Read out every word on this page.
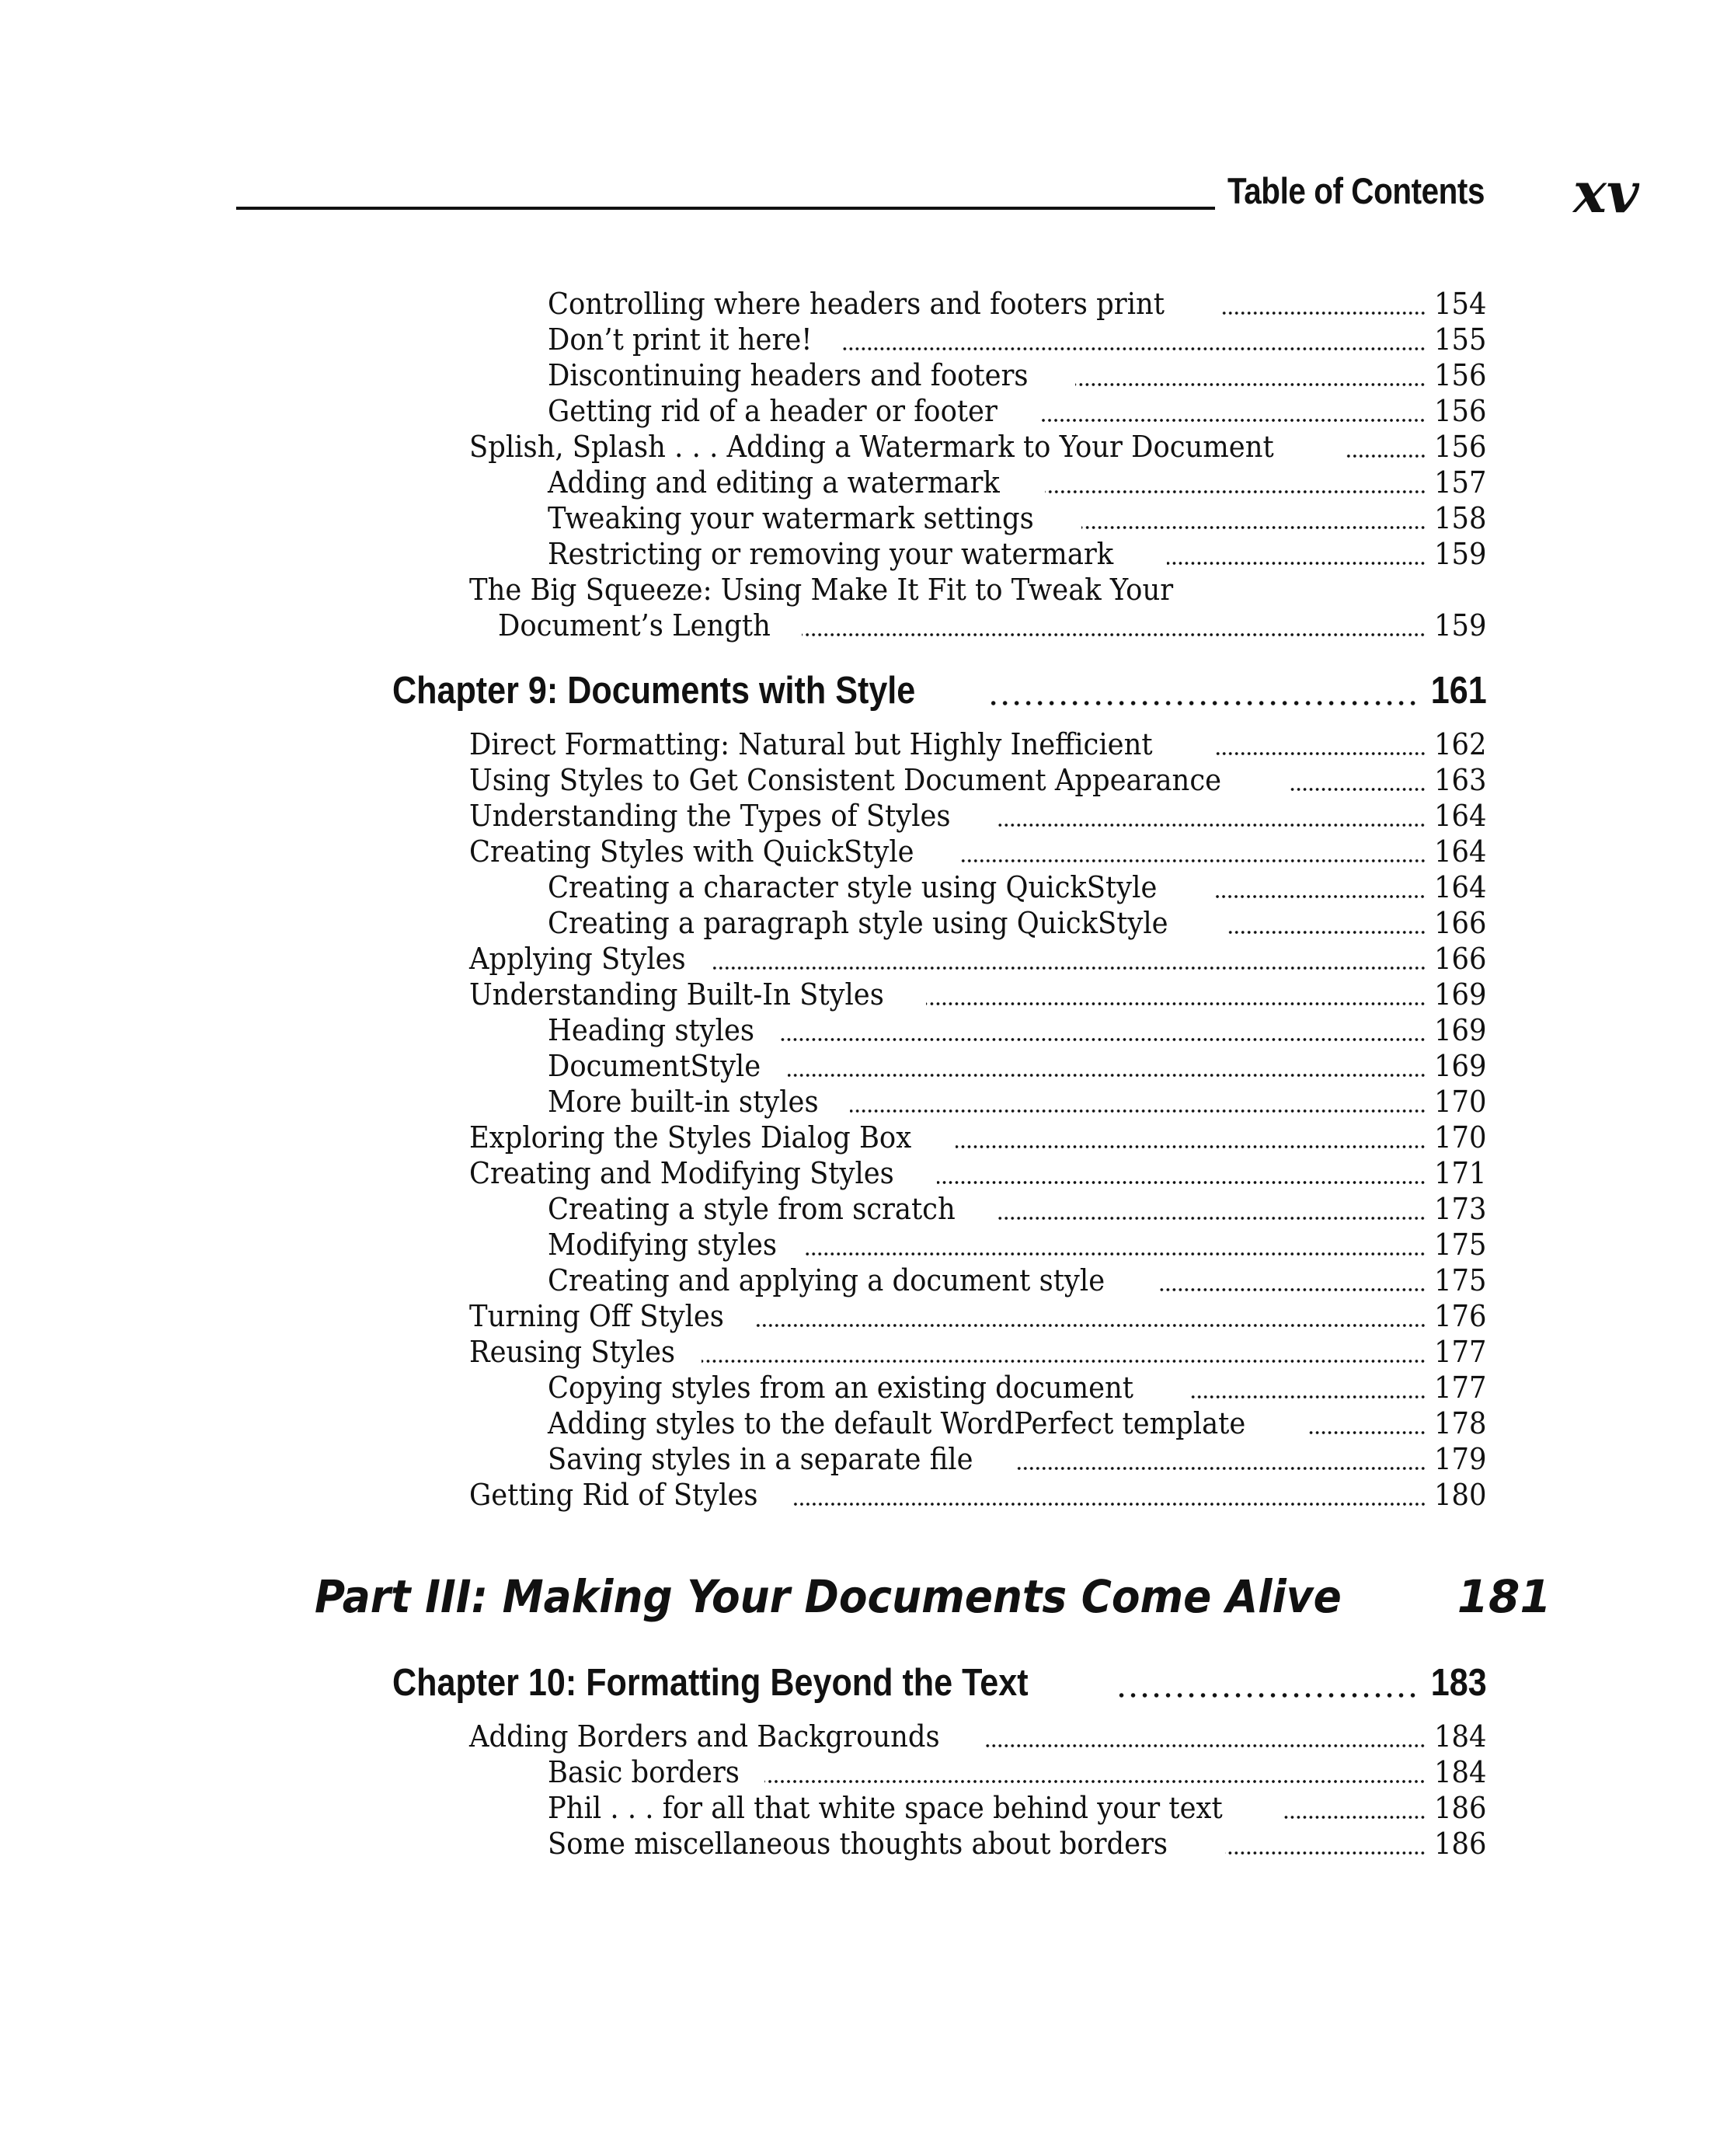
Table of Contents xv
Controlling where headers and footers print	154
Don’t print it here!	155
Discontinuing headers and footers	156
Getting rid of a header or footer	156
Splish, Splash . . . Adding a Watermark to Your Document	156
Adding and editing a watermark	157
Tweaking your watermark settings	158
Restricting or removing your watermark	159
The Big Squeeze: Using Make It Fit to Tweak Your
Document’s Length	159
Chapter 9: Documents with Style	161
Direct Formatting: Natural but Highly Inefficient	162
Using Styles to Get Consistent Document Appearance	163
Understanding the Types of Styles	164
Creating Styles with QuickStyle	164
Creating a character style using QuickStyle	164
Creating a paragraph style using QuickStyle	166
Applying Styles	166
Understanding Built-In Styles	169
Heading styles	169
DocumentStyle	169
More built-in styles	170
Exploring the Styles Dialog Box	170
Creating and Modifying Styles	171
Creating a style from scratch	173
Modifying styles	175
Creating and applying a document style	175
Turning Off Styles	176
Reusing Styles	177
Copying styles from an existing document	177
Adding styles to the default WordPerfect template	178
Saving styles in a separate file	179
Getting Rid of Styles	180
Part III: Making Your Documents Come Alive	181
Chapter 10: Formatting Beyond the Text	183
Adding Borders and Backgrounds	184
Basic borders	184
Phil . . . for all that white space behind your text	186
Some miscellaneous thoughts about borders	186
